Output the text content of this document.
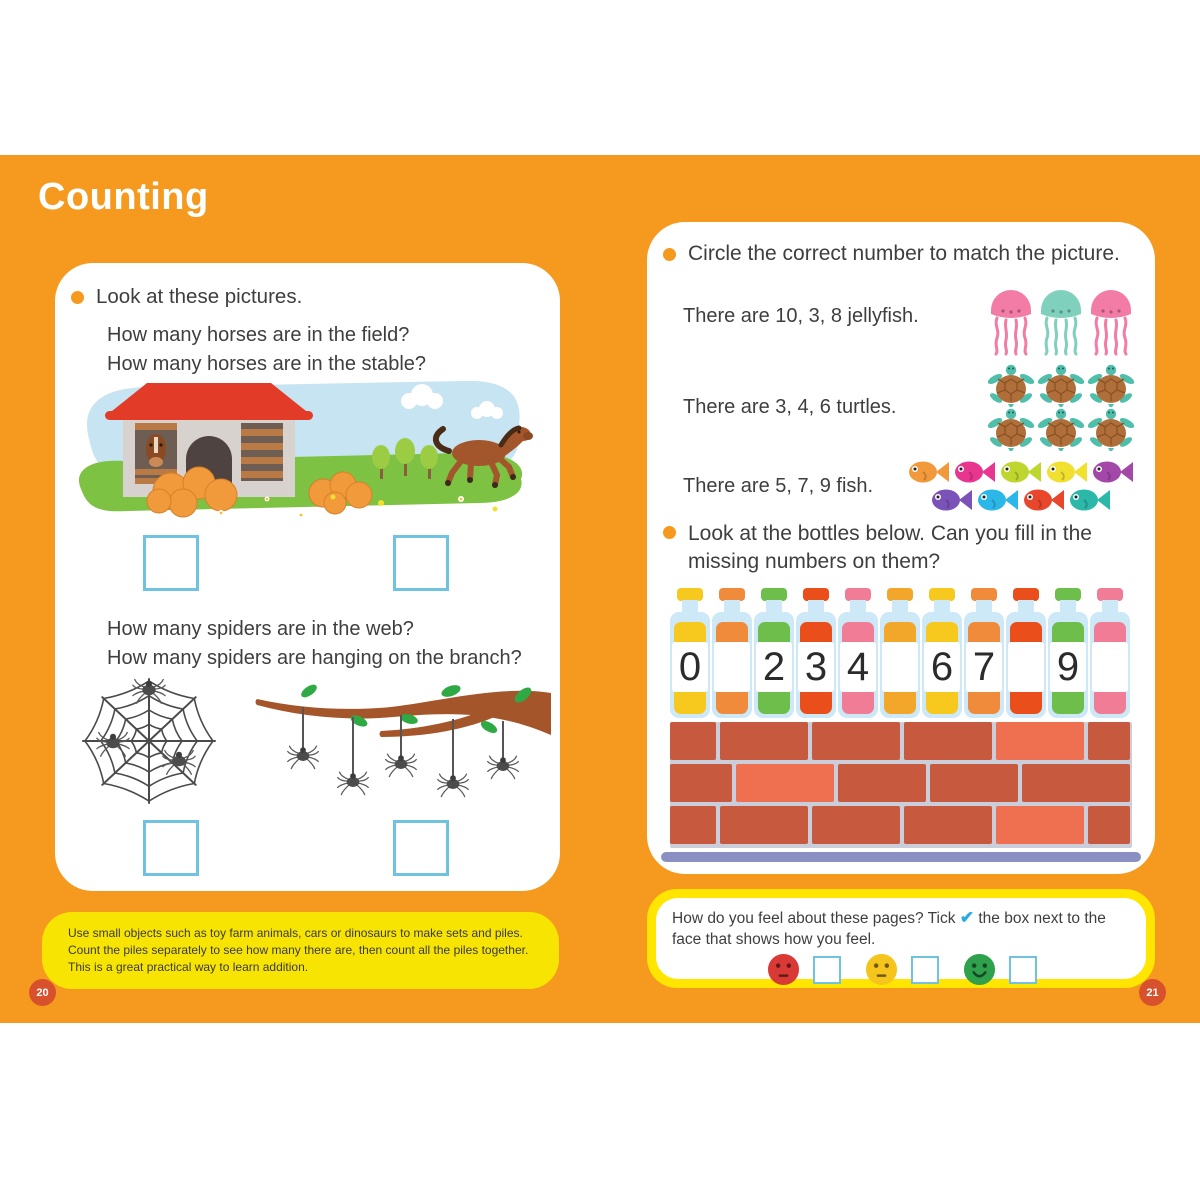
Counting
Look at these pictures.
How many horses are in the field?
How many horses are in the stable?
How many spiders are in the web?
How many spiders are hanging on the branch?
Use small objects such as toy farm animals, cars or dinosaurs to make sets and piles.
Count the piles separately to see how many there are, then count all the piles together.
This is a great practical way to learn addition.
20
Circle the correct number to match the picture.
There are 10, 3, 8 jellyfish.
There are 3, 4, 6 turtles.
There are 5, 7, 9 fish.
Look at the bottles below. Can you fill in the missing numbers on them?
0 2 3 4 6 7 9
How do you feel about these pages? Tick ✔ the box next to the face that shows how you feel.
21
